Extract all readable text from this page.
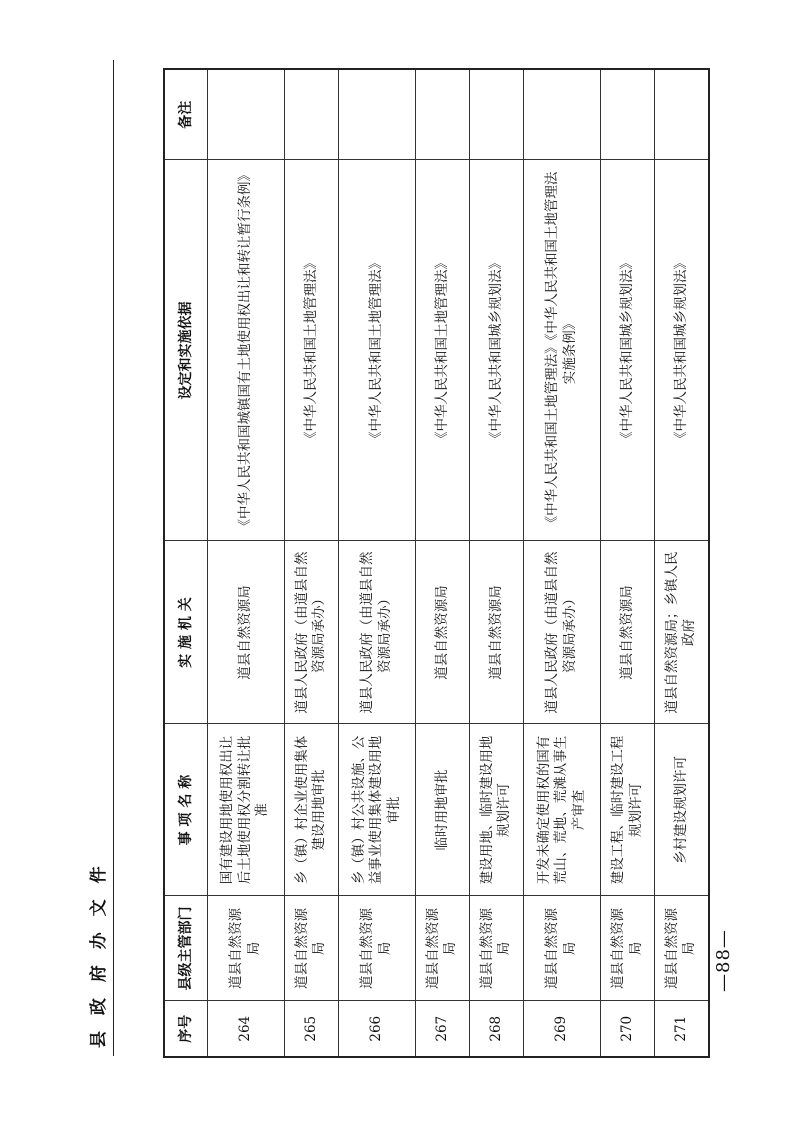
县 政 府 办 文 件	—88—
序号	县级主管部门	事 项 名 称	实 施 机 关	设定和实施依据	备注
264	道县自然资源局	国有建设用地使用权出让后土地使用权分割转让批准	道县自然资源局	《中华人民共和国城镇国有土地使用权出让和转让暂行条例》	
265	道县自然资源局	乡（镇）村企业使用集体建设用地审批	道县人民政府（由道县自然资源局承办）	《中华人民共和国土地管理法》	
266	道县自然资源局	乡（镇）村公共设施、公益事业使用集体建设用地审批	道县人民政府（由道县自然资源局承办）	《中华人民共和国土地管理法》	
267	道县自然资源局	临时用地审批	道县自然资源局	《中华人民共和国土地管理法》	
268	道县自然资源局	建设用地、临时建设用地规划许可	道县自然资源局	《中华人民共和国城乡规划法》	
269	道县自然资源局	开发未确定使用权的国有荒山、荒地、荒滩从事生产审查	道县人民政府（由道县自然资源局承办）	《中华人民共和国土地管理法》《中华人民共和国土地管理法实施条例》	
270	道县自然资源局	建设工程、临时建设工程规划许可	道县自然资源局	《中华人民共和国城乡规划法》	
271	道县自然资源局	乡村建设规划许可	道县自然资源局；乡镇人民政府	《中华人民共和国城乡规划法》	
